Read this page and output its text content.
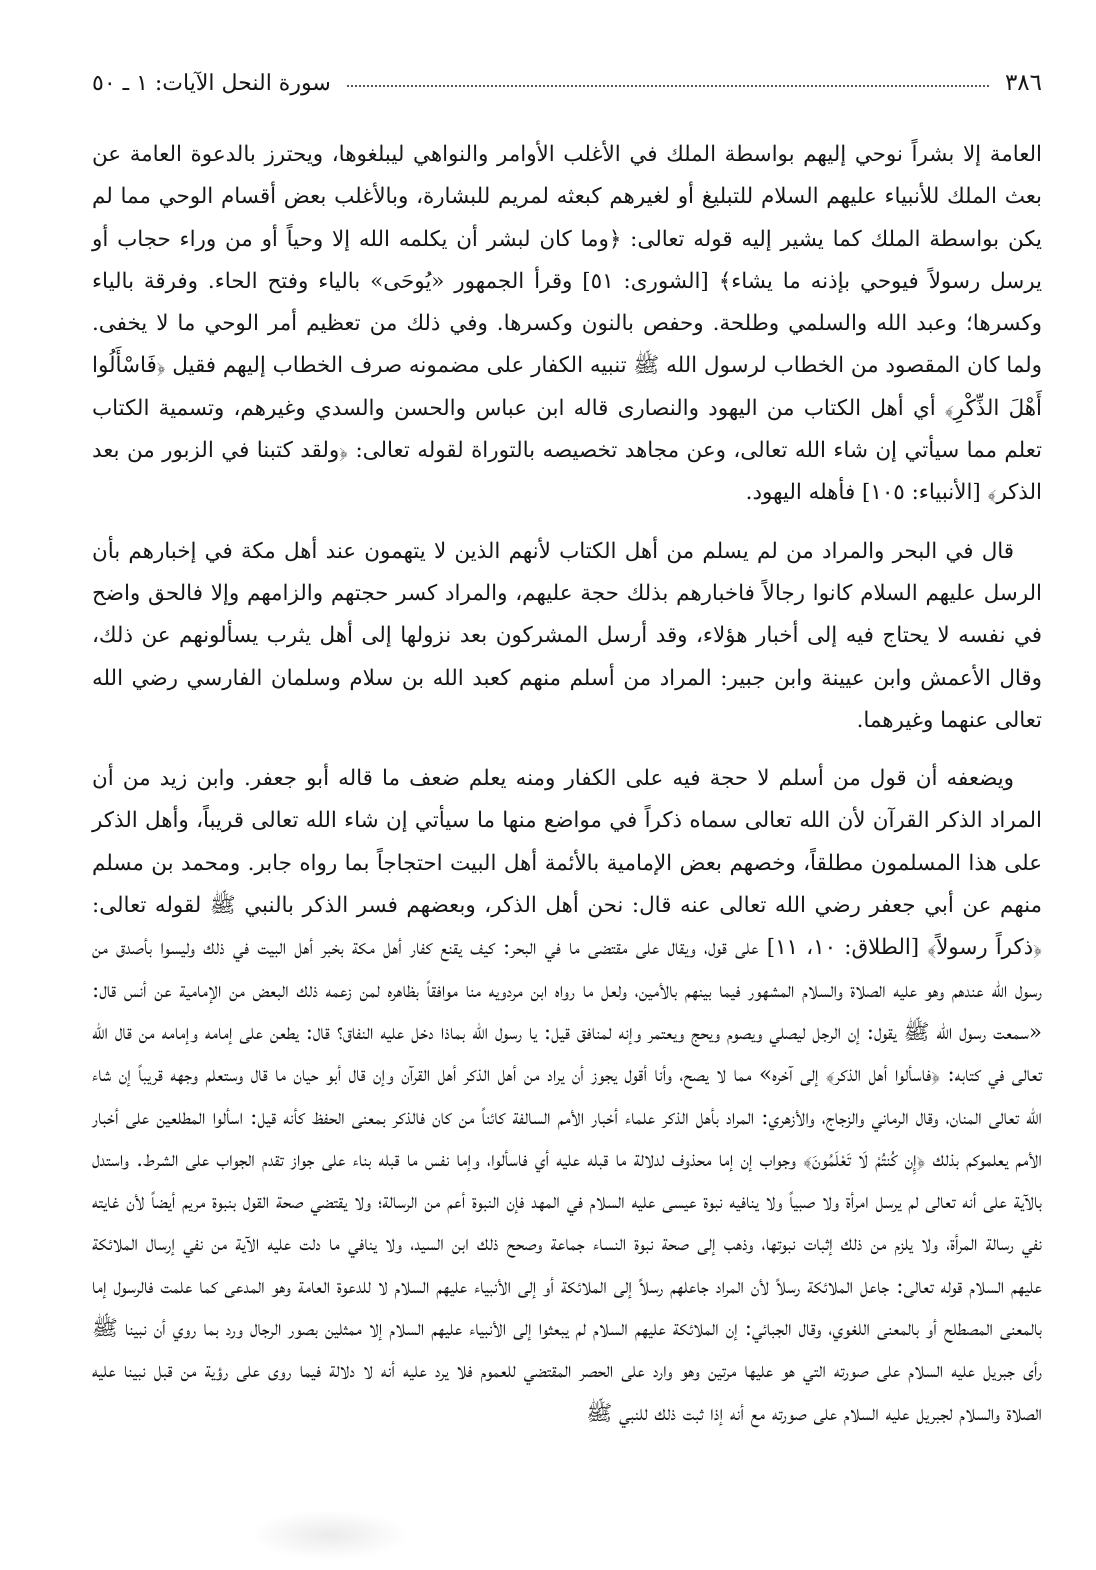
٣٨٦
سورة النحل الآيات: ١ ـ ٥٠

العامة إلا بشراً نوحي إليهم بواسطة الملك في الأغلب الأوامر والنواهي ليبلغوها، ويحترز بالدعوة العامة عن بعث الملك للأنبياء عليهم السلام للتبليغ أو لغيرهم كبعثه لمريم للبشارة، وبالأغلب بعض أقسام الوحي مما لم يكن بواسطة الملك كما يشير إليه قوله تعالى: ﴿وما كان لبشر أن يكلمه الله إلا وحياً أو من وراء حجاب أو يرسل رسولاً فيوحي بإذنه ما يشاء﴾ [الشورى: ٥١] وقرأ الجمهور «يُوحَى» بالياء وفتح الحاء. وفرقة بالياء وكسرها؛ وعبد الله والسلمي وطلحة. وحفص بالنون وكسرها. وفي ذلك من تعظيم أمر الوحي ما لا يخفى. ولما كان المقصود من الخطاب لرسول الله ﷺ تنبيه الكفار على مضمونه صرف الخطاب إليهم فقيل ﴿فَاسْأَلُوا أَهْلَ الذِّكْرِ﴾ أي أهل الكتاب من اليهود والنصارى قاله ابن عباس والحسن والسدي وغيرهم، وتسمية الكتاب تعلم مما سيأتي إن شاء الله تعالى، وعن مجاهد تخصيصه بالتوراة لقوله تعالى: ﴿ولقد كتبنا في الزبور من بعد الذكر﴾ [الأنبياء: ١٠٥] فأهله اليهود.

قال في البحر والمراد من لم يسلم من أهل الكتاب لأنهم الذين لا يتهمون عند أهل مكة في إخبارهم بأن الرسل عليهم السلام كانوا رجالاً فاخبارهم بذلك حجة عليهم، والمراد كسر حجتهم والزامهم وإلا فالحق واضح في نفسه لا يحتاج فيه إلى أخبار هؤلاء، وقد أرسل المشركون بعد نزولها إلى أهل يثرب يسألونهم عن ذلك، وقال الأعمش وابن عيينة وابن جبير: المراد من أسلم منهم كعبد الله بن سلام وسلمان الفارسي رضي الله تعالى عنهما وغيرهما.

ويضعفه أن قول من أسلم لا حجة فيه على الكفار ومنه يعلم ضعف ما قاله أبو جعفر. وابن زيد من أن المراد الذكر القرآن لأن الله تعالى سماه ذكراً في مواضع منها ما سيأتي إن شاء الله تعالى قريباً، وأهل الذكر على هذا المسلمون مطلقاً، وخصهم بعض الإمامية بالأئمة أهل البيت احتجاجاً بما رواه جابر. ومحمد بن مسلم منهم عن أبي جعفر رضي الله تعالى عنه قال: نحن أهل الذكر، وبعضهم فسر الذكر بالنبي ﷺ لقوله تعالى: ﴿ذكراً رسولاً﴾ [الطلاق: ١٠، ١١] على قول، ويقال على مقتضى ما في البحر: كيف يقنع كفار أهل مكة بخبر أهل البيت في ذلك وليسوا بأصدق من رسول الله عندهم وهو عليه الصلاة والسلام المشهور فيما بينهم بالأمين، ولعل ما رواه ابن مردويه منا موافقاً بظاهره لمن زعمه ذلك البعض من الإمامية عن أنس قال: «سمعت رسول الله ﷺ يقول: إن الرجل ليصلي ويصوم ويحج ويعتمر وإنه لمنافق قيل: يا رسول الله بماذا دخل عليه النفاق؟ قال: يطعن على إمامه وإمامه من قال الله تعالى في كتابه: ﴿فاسألوا أهل الذكر﴾ إلى آخره» مما لا يصح، وأنا أقول يجوز أن يراد من أهل الذكر أهل القرآن وإن قال أبو حيان ما قال وستعلم وجهه قريباً إن شاء الله تعالى المنان، وقال الرماني والزجاج، والأزهري: المراد بأهل الذكر علماء أخبار الأمم السالفة كائناً من كان فالذكر بمعنى الحفظ كأنه قيل: اسألوا المطلعين على أخبار الأمم يعلموكم بذلك ﴿إِن كُنتُمْ لَا تَعْلَمُونَ﴾ وجواب إن إما محذوف لدلالة ما قبله عليه أي فاسألوا، وإما نفس ما قبله بناء على جواز تقدم الجواب على الشرط. واستدل بالآية على أنه تعالى لم يرسل امرأة ولا صبياً ولا ينافيه نبوة عيسى عليه السلام في المهد فإن النبوة أعم من الرسالة؛ ولا يقتضي صحة القول بنبوة مريم أيضاً لأن غايته نفي رسالة المرأة، ولا يلزم من ذلك إثبات نبوتها، وذهب إلى صحة نبوة النساء جماعة وصحح ذلك ابن السيد، ولا ينافي ما دلت عليه الآية من نفي إرسال الملائكة عليهم السلام قوله تعالى: جاعل الملائكة رسلاً لأن المراد جاعلهم رسلاً إلى الملائكة أو إلى الأنبياء عليهم السلام لا للدعوة العامة وهو المدعى كما علمت فالرسول إما بالمعنى المصطلح أو بالمعنى اللغوي، وقال الجبائي: إن الملائكة عليهم السلام لم يبعثوا إلى الأنبياء عليهم السلام إلا ممثلين بصور الرجال ورد بما روي أن نبينا ﷺ رأى جبريل عليه السلام على صورته التي هو عليها مرتين وهو وارد على الحصر المقتضي للعموم فلا يرد عليه أنه لا دلالة فيما روى على رؤية من قبل نبينا عليه الصلاة والسلام لجبريل عليه السلام على صورته مع أنه إذا ثبت ذلك للنبي ﷺ
